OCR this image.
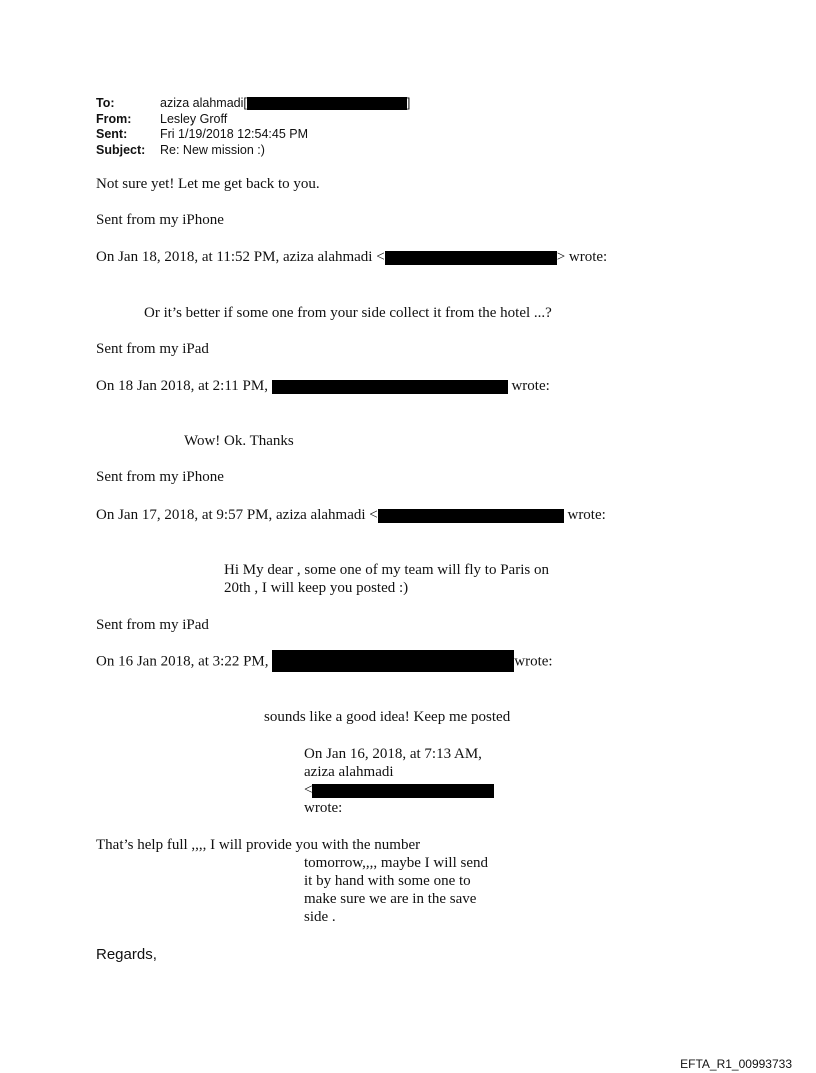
To:	aziza alahmadi[	]
From:	Lesley Groff
Sent:	Fri 1/19/2018 12:54:45 PM
Subject:	Re: New mission :)
Not sure yet! Let me get back to you.
Sent from my iPhone
On Jan 18, 2018, at 11:52 PM, aziza alahmadi <	> wrote:
Or it’s better if some one from your side collect it from the hotel ...?
Sent from my iPad
On 18 Jan 2018, at 2:11 PM,	wrote:
Wow! Ok. Thanks
Sent from my iPhone
On Jan 17, 2018, at 9:57 PM, aziza alahmadi <	wrote:
Hi My dear , some one of my team will fly to Paris on
20th , I will keep you posted :)
Sent from my iPad
On 16 Jan 2018, at 3:22 PM,	wrote:
sounds like a good idea! Keep me posted
On Jan 16, 2018, at 7:13 AM,
aziza alahmadi
<
wrote:
That’s help full ,,,, I will provide you with the number
tomorrow,,,, maybe I will send
it by hand with some one to
make sure we are in the save
side .
Regards,
EFTA_R1_00993733
